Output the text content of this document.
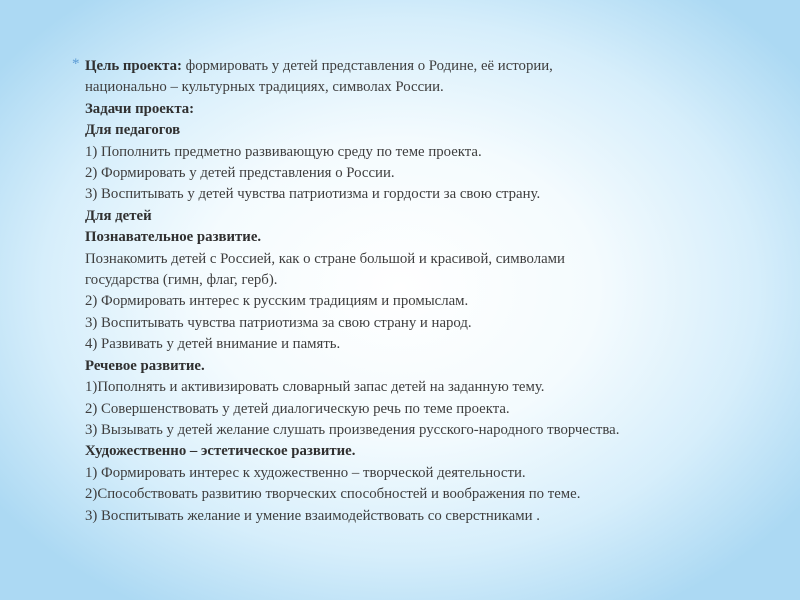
* Цель проекта: формировать у детей представления о Родине, её истории,
национально – культурных традициях, символах России.
Задачи проекта:
Для педагогов
1) Пополнить предметно развивающую среду по теме проекта.
2) Формировать у детей представления о России.
3) Воспитывать у детей чувства патриотизма и гордости за свою страну.
Для детей
Познавательное развитие.
Познакомить детей с Россией, как о стране большой и красивой, символами
государства (гимн, флаг, герб).
2) Формировать интерес к русским традициям и промыслам.
3) Воспитывать чувства патриотизма за свою страну и народ.
4) Развивать у детей внимание и память.
Речевое развитие.
1)Пополнять и активизировать словарный запас детей на заданную тему.
2) Совершенствовать у детей диалогическую речь по теме проекта.
3) Вызывать у детей желание слушать произведения русского-народного творчества.
Художественно – эстетическое развитие.
1) Формировать интерес к художественно – творческой деятельности.
2)Способствовать развитию творческих способностей и воображения по теме.
3) Воспитывать желание и умение взаимодействовать со сверстниками .
